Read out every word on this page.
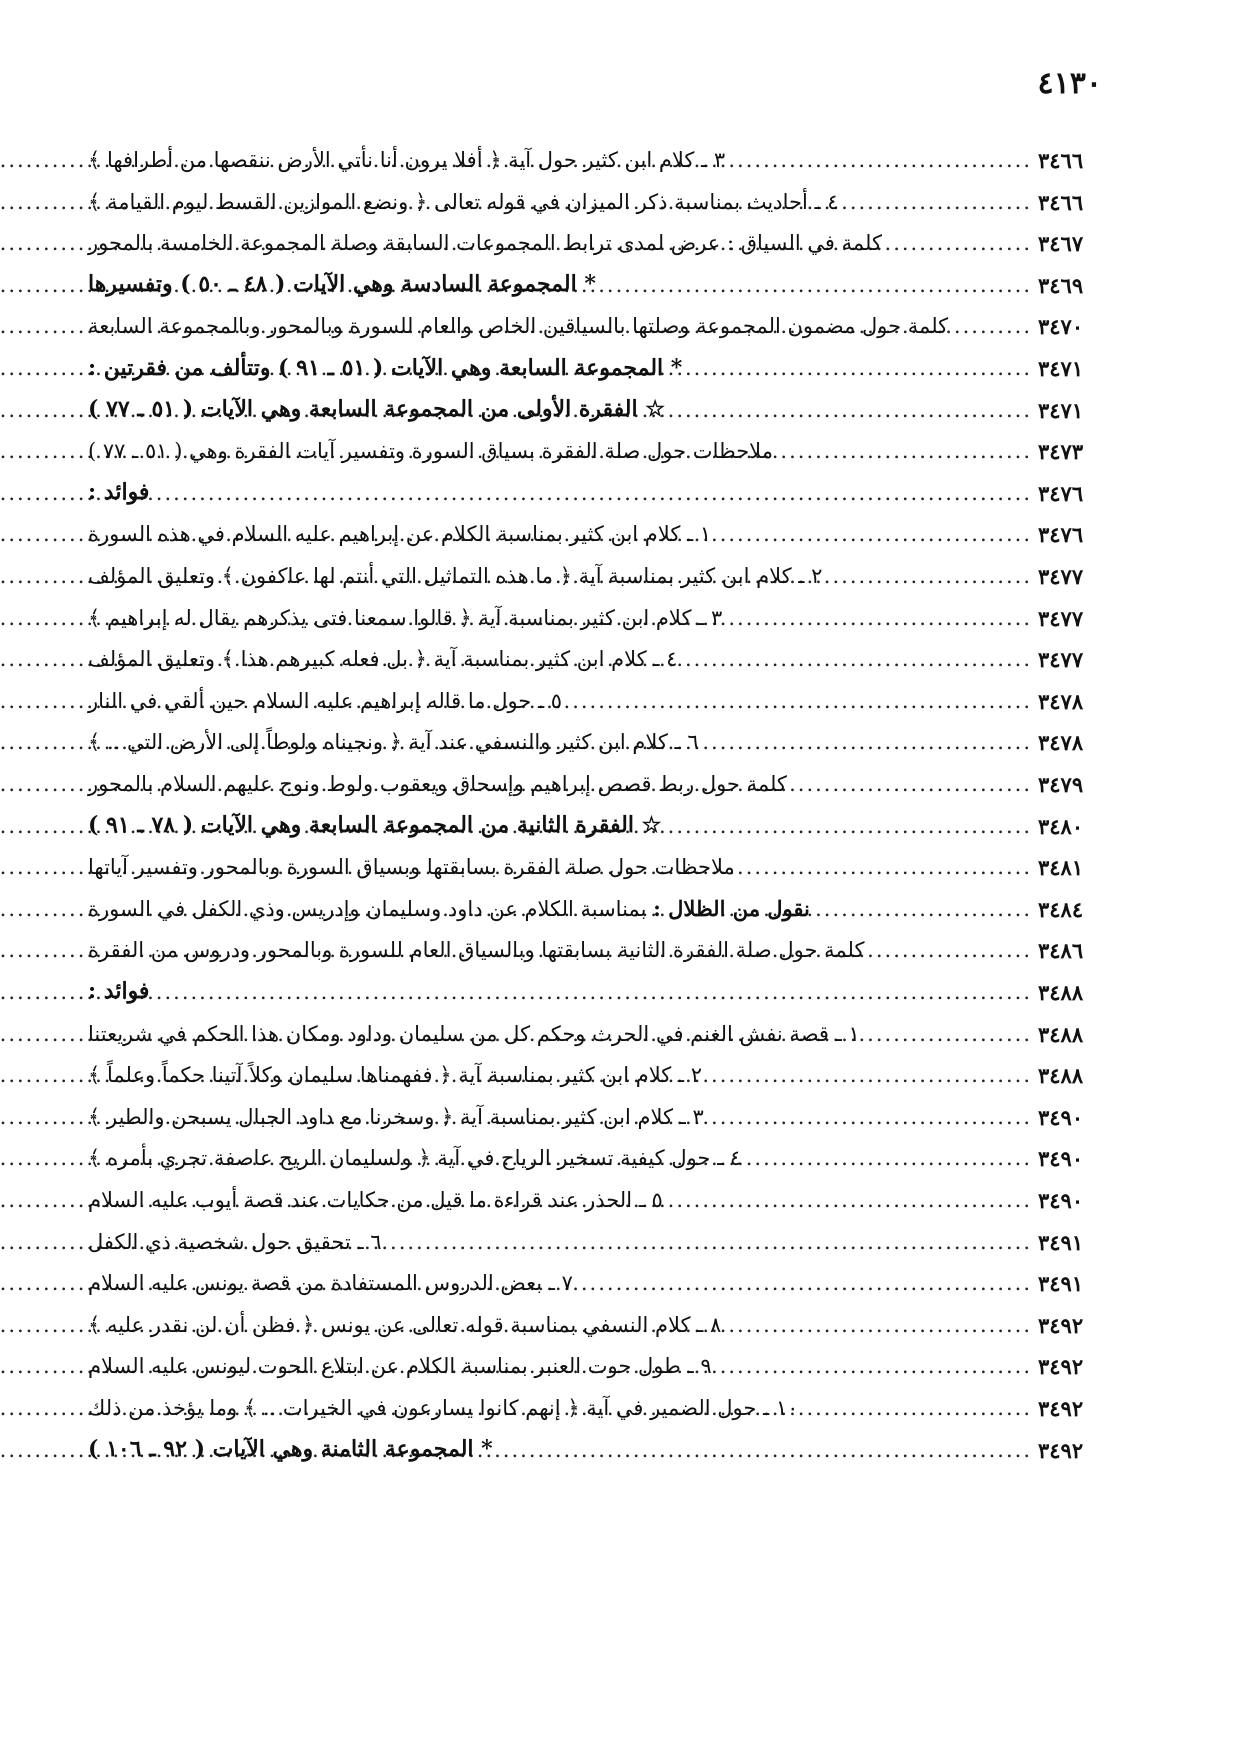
٤١٣٠
٣ ـ كلام ابن كثير حول آية ﴿ أفلا يرون أنا نأتي الأرض ننقصها من أطرافها ﴾ .....	٣٤٦٦
٤ ـ أحاديث بمناسبة ذكر الميزان في قوله تعالى ﴿ ونضع الموازين القسط ليوم القيامة ﴾ .....	٣٤٦٦
كلمة في السياق : عرض لمدى ترابط المجموعات السابقة وصلة المجموعة الخامسة بالمحور .....	٣٤٦٧
* المجموعة السادسة وهي الآيات ( ٤٨ ـ ٥٠ ) وتفسيرها .....	٣٤٦٩
كلمة حول مضمون المجموعة وصلتها بالسياقين الخاص والعام للسورة وبالمحور وبالمجموعة السابعة .....	٣٤٧٠
* المجموعة السابعة وهي الآيات ( ٥١ ـ ٩١ ) وتتألف من فقرتين : .....	٣٤٧١
☆ الفقرة الأولى من المجموعة السابعة وهي الآيات ( ٥١ ـ ٧٧ ) .....	٣٤٧١
ملاحظات حول صلة الفقرة بسياق السورة وتفسير آيات الفقرة وهي ( ٥١ ـ ٧٧ ) .....	٣٤٧٣
فوائد : .....	٣٤٧٦
١ ـ كلام ابن كثير بمناسبة الكلام عن إبراهيم عليه السلام في هذه السورة .....	٣٤٧٦
٢ ـ كلام ابن كثير بمناسبة آية ﴿ ما هذه التماثيل التي أنتم لها عاكفون ﴾ وتعليق المؤلف .....	٣٤٧٧
٣ ـ كلام ابن كثير بمناسبة آية ﴿ قالوا سمعنا فتى يذكرهم يقال له إبراهيم ﴾ .....	٣٤٧٧
٤ ـ كلام ابن كثير بمناسبة آية ﴿ بل فعله كبيرهم هذا ﴾ وتعليق المؤلف .....	٣٤٧٧
٥ ـ حول ما قاله إبراهيم عليه السلام حين ألقي في النار .....	٣٤٧٨
٦ ـ كلام ابن كثير والنسفي عند آية ﴿ ونجيناه ولوطاً إلى الأرض التي .. ﴾ .....	٣٤٧٨
كلمة حول ربط قصص إبراهيم وإسحاق ويعقوب ولوط ونوح عليهم السلام بالمحور .....	٣٤٧٩
☆ الفقرة الثانية من المجموعة السابعة وهي الآيات ( ٧٨ ـ ٩١ ) .....	٣٤٨٠
ملاحظات حول صلة الفقرة بسابقتها وبسياق السورة وبالمحور وتفسير آياتها .....	٣٤٨١
نقول من الظلال : بمناسبة الكلام عن داود وسليمان وإدريس وذي الكفل في السورة .....	٣٤٨٤
كلمة حول صلة الفقرة الثانية بسابقتها وبالسياق العام للسورة وبالمحور ودروس من الفقرة .....	٣٤٨٦
فوائد : .....	٣٤٨٨
١ ـ قصة نفش الغنم في الحرث وحكم كل من سليمان وداود ومكان هذا الحكم في شريعتنا .....	٣٤٨٨
٢ ـ كلام ابن كثير بمناسبة آية ﴿ ففهمناها سليمان وكلاً آتينا حكماً وعلماً ﴾ .....	٣٤٨٨
٣ ـ كلام ابن كثير بمناسبة آية ﴿ وسخرنا مع داود الجبال يسبحن والطير ﴾ .....	٣٤٩٠
٤ ـ حول كيفية تسخير الرياح في آية ﴿ ولسليمان الريح عاصفة تجري بأمره ﴾ .....	٣٤٩٠
٥ ـ الحذر عند قراءة ما قيل من حكايات عند قصة أيوب عليه السلام .....	٣٤٩٠
٦ ـ تحقيق حول شخصية ذي الكفل .....	٣٤٩١
٧ ـ بعض الدروس المستفادة من قصة يونس عليه السلام .....	٣٤٩١
٨ ـ كلام النسفي بمناسبة قوله تعالى عن يونس ﴿ فظن أن لن نقدر عليه ﴾ .....	٣٤٩٢
٩ ـ طول حوت العنبر بمناسبة الكلام عن ابتلاع الحوت ليونس عليه السلام .....	٣٤٩٢
١٠ ـ حول الضمير في آية ﴿ إنهم كانوا يسارعون في الخيرات .. ﴾ وما يؤخذ من ذلك .....	٣٤٩٢
* المجموعة الثامنة وهي الآيات ( ٩٢ ـ ١٠٦ ) .....	٣٤٩٢
